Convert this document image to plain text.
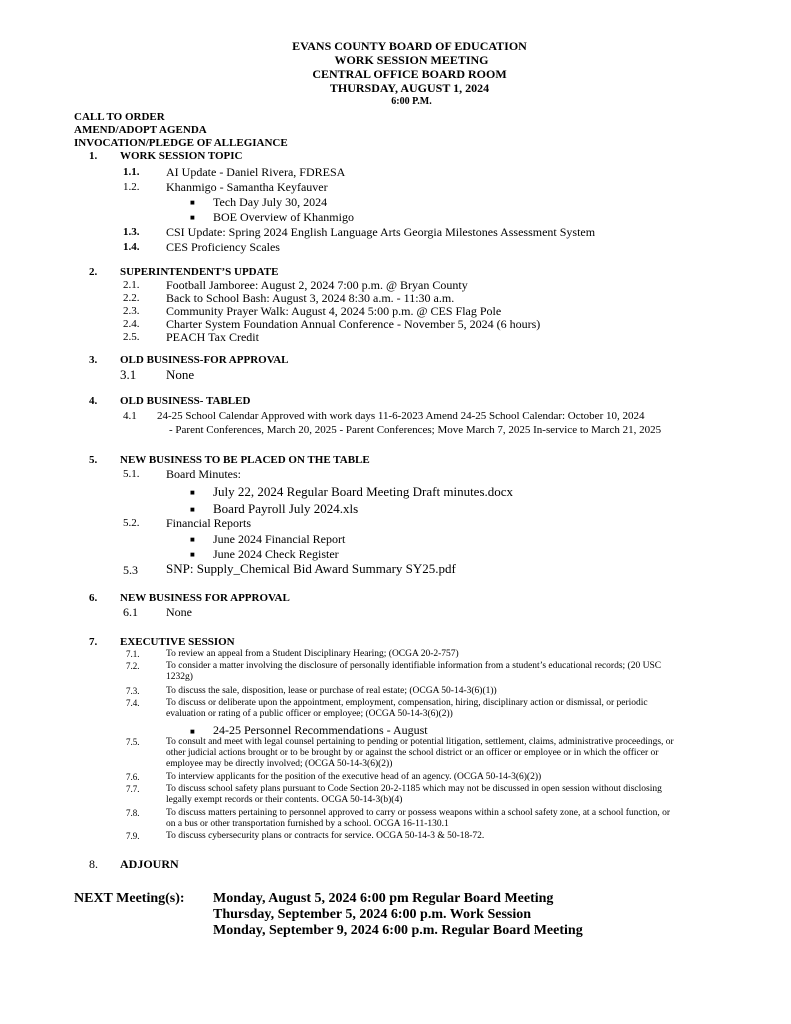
EVANS COUNTY BOARD OF EDUCATION
WORK SESSION MEETING
CENTRAL OFFICE BOARD ROOM
THURSDAY, AUGUST 1, 2024
6:00 P.M.
CALL TO ORDER
AMEND/ADOPT AGENDA
INVOCATION/PLEDGE OF ALLEGIANCE
1. WORK SESSION TOPIC
1.1. AI Update - Daniel Rivera, FDRESA
1.2. Khanmigo - Samantha Keyfauver
■ Tech Day July 30, 2024
■ BOE Overview of Khanmigo
1.3. CSI Update: Spring 2024 English Language Arts Georgia Milestones Assessment System
1.4. CES Proficiency Scales
2. SUPERINTENDENT’S UPDATE
2.1. Football Jamboree: August 2, 2024 7:00 p.m. @ Bryan County
2.2. Back to School Bash: August 3, 2024 8:30 a.m. - 11:30 a.m.
2.3. Community Prayer Walk: August 4, 2024 5:00 p.m. @ CES Flag Pole
2.4. Charter System Foundation Annual Conference - November 5, 2024 (6 hours)
2.5. PEACH Tax Credit
3. OLD BUSINESS-FOR APPROVAL
3.1 None
4. OLD BUSINESS- TABLED
4.1 24-25 School Calendar Approved with work days 11-6-2023 Amend 24-25 School Calendar: October 10, 2024
- Parent Conferences, March 20, 2025 - Parent Conferences; Move March 7, 2025 In-service to March 21, 2025
5. NEW BUSINESS TO BE PLACED ON THE TABLE
5.1. Board Minutes:
■ July 22, 2024 Regular Board Meeting Draft minutes.docx
■ Board Payroll July 2024.xls
5.2. Financial Reports
■ June 2024 Financial Report
■ June 2024 Check Register
5.3 SNP: Supply_Chemical Bid Award Summary SY25.pdf
6. NEW BUSINESS FOR APPROVAL
6.1 None
7. EXECUTIVE SESSION
7.1.	To review an appeal from a Student Disciplinary Hearing; (OCGA 20-2-757)
7.2.	To consider a matter involving the disclosure of personally identifiable information from a student’s educational records; (20 USC
1232g)
7.3.	To discuss the sale, disposition, lease or purchase of real estate; (OCGA 50-14-3(6)(1))
7.4.	To discuss or deliberate upon the appointment, employment, compensation, hiring, disciplinary action or dismissal, or periodic
evaluation or rating of a public officer or employee; (OCGA 50-14-3(6)(2))
■ 24-25 Personnel Recommendations - August
7.5.	To consult and meet with legal counsel pertaining to pending or potential litigation, settlement, claims, administrative proceedings, or
other judicial actions brought or to be brought by or against the school district or an officer or employee or in which the officer or
employee may be directly involved; (OCGA 50-14-3(6)(2))
7.6.	To interview applicants for the position of the executive head of an agency. (OCGA 50-14-3(6)(2))
7.7.	To discuss school safety plans pursuant to Code Section 20-2-1185 which may not be discussed in open session without disclosing
legally exempt records or their contents. OCGA 50-14-3(b)(4)
7.8.	To discuss matters pertaining to personnel approved to carry or possess weapons within a school safety zone, at a school function, or
on a bus or other transportation furnished by a school. OCGA 16-11-130.1
7.9.	To discuss cybersecurity plans or contracts for service. OCGA 50-14-3 & 50-18-72.
8. ADJOURN
NEXT Meeting(s): Monday, August 5, 2024 6:00 pm Regular Board Meeting
Thursday, September 5, 2024 6:00 p.m. Work Session
Monday, September 9, 2024 6:00 p.m. Regular Board Meeting
